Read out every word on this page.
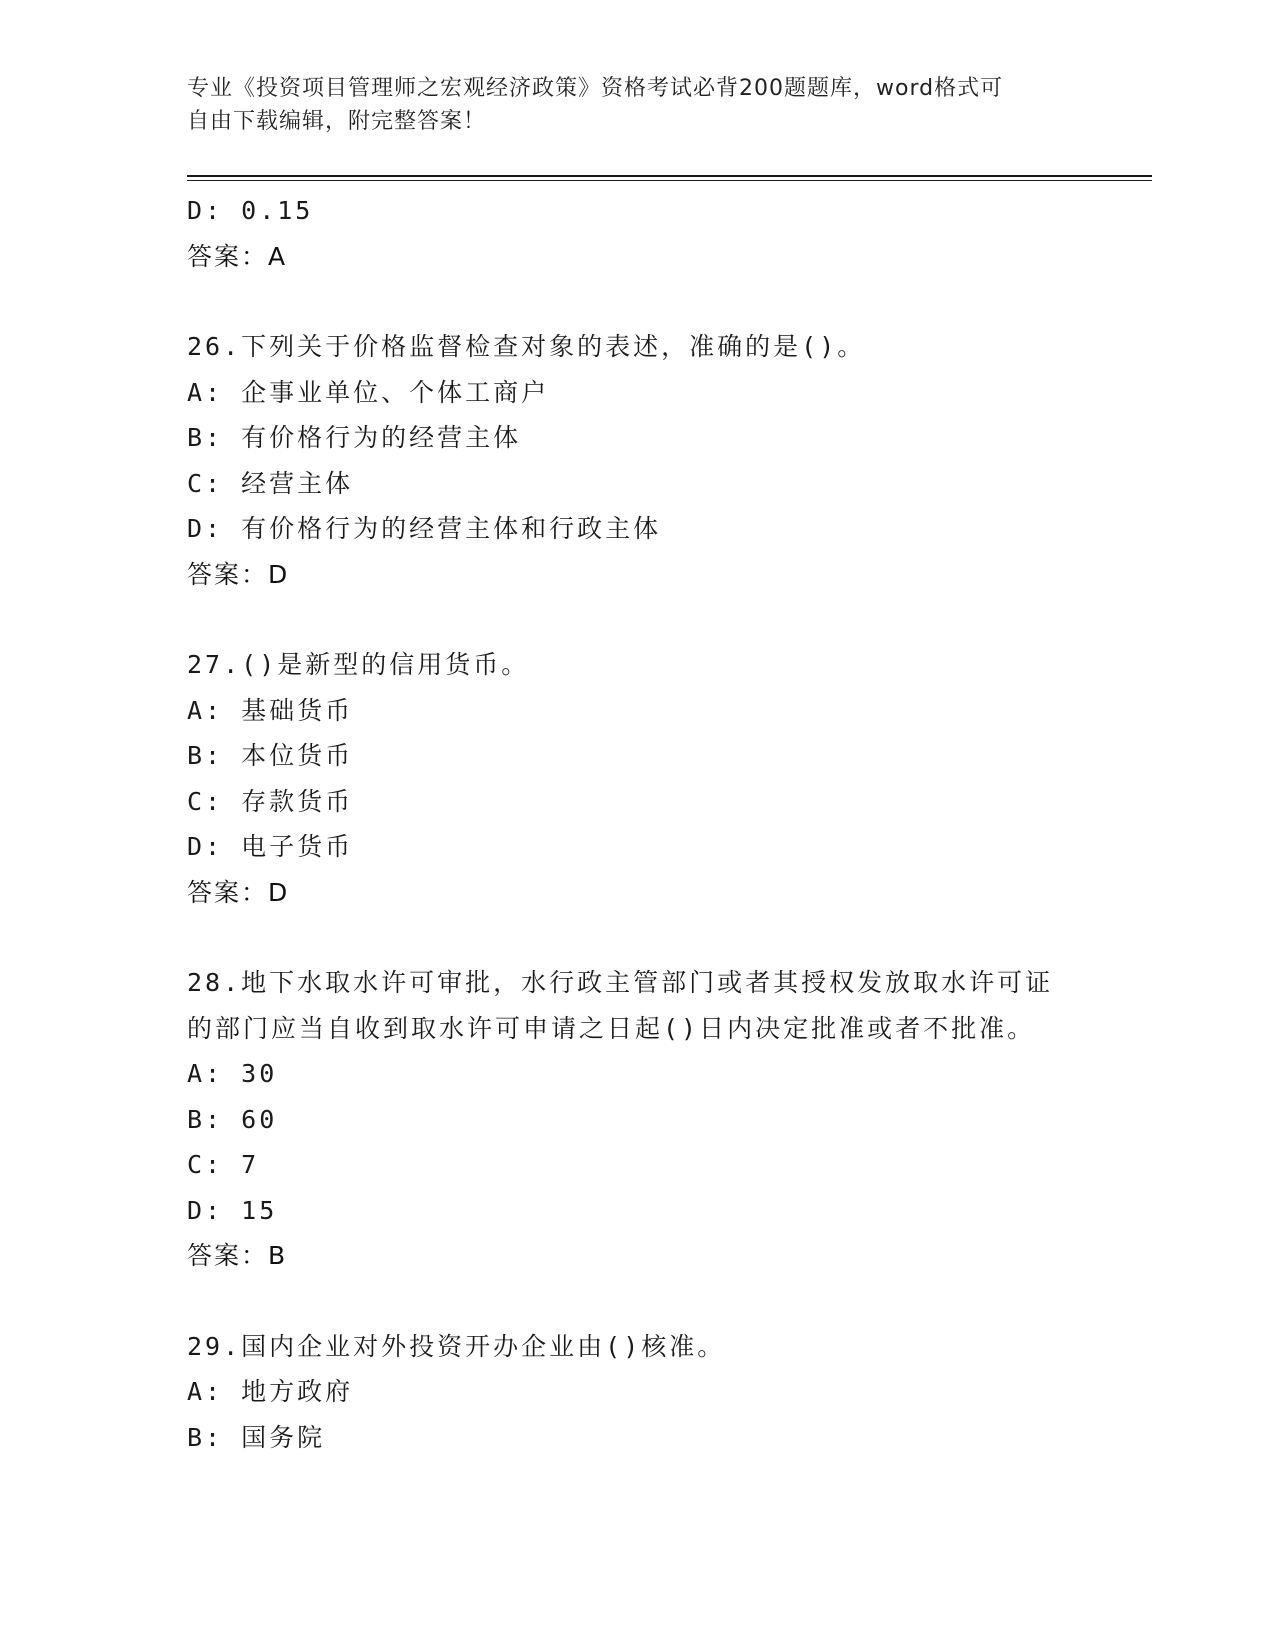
专业《投资项目管理师之宏观经济政策》资格考试必背200题题库，word格式可
自由下载编辑，附完整答案！
D: 0.15
答案：A
26.下列关于价格监督检查对象的表述，准确的是()。
A: 企事业单位、个体工商户
B: 有价格行为的经营主体
C: 经营主体
D: 有价格行为的经营主体和行政主体
答案：D
27.()是新型的信用货币。
A: 基础货币
B: 本位货币
C: 存款货币
D: 电子货币
答案：D
28.地下水取水许可审批，水行政主管部门或者其授权发放取水许可证
的部门应当自收到取水许可申请之日起()日内决定批准或者不批准。
A: 30
B: 60
C: 7
D: 15
答案：B
29.国内企业对外投资开办企业由()核准。
A: 地方政府
B: 国务院
